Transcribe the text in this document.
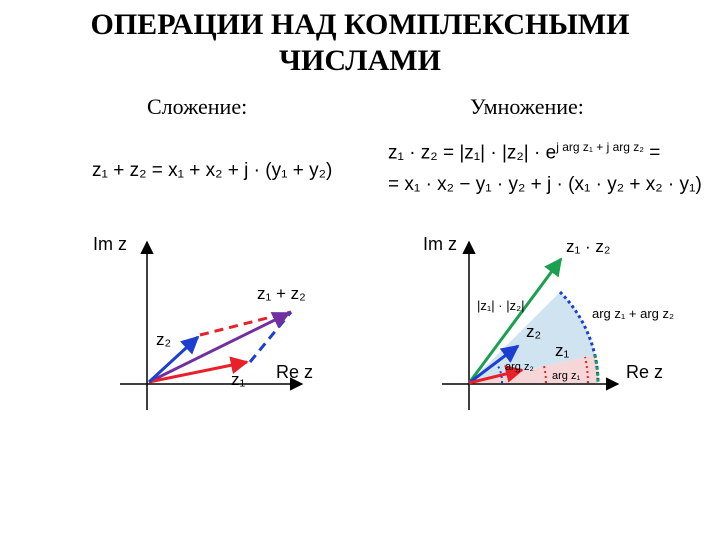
ОПЕРАЦИИ НАД КОМПЛЕКСНЫМИ
ЧИСЛАМИ
Сложение:	Умножение:
z₁ + z₂ = x₁ + x₂ + j · (y₁ + y₂)
$z_1 \cdot z_2 = |z_1| \cdot |z_2| \cdot e^{j arg z_1 + j arg z_2}$ =
= x₁ · x₂ − y₁ · y₂ + j · (x₁ · y₂ + x₂ · y₁)
Im z
Re z
z₁ + z₂
z₁
z₂
Im z
Re z
z₁ · z₂
|z₁| · |z₂|
arg z₁ + arg z₂
z₂
z₁
arg z₂
arg z₁
